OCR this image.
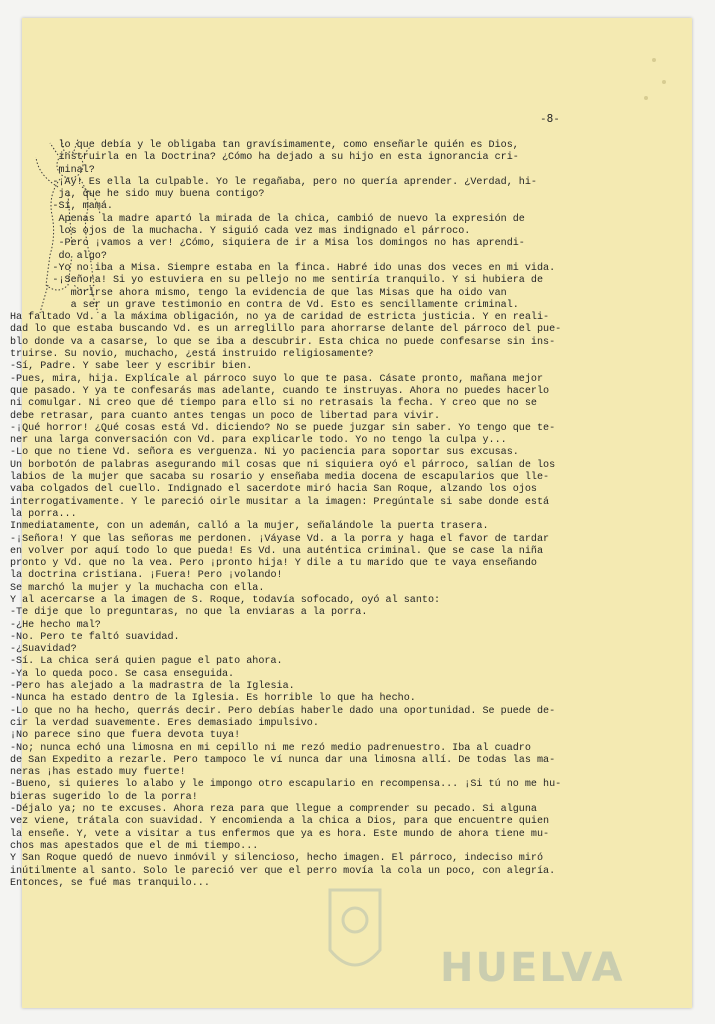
-8-
lo que debía y le obligaba tan gravísimamente, como enseñarle quién es Dios,
instruirla en la Doctrina? ¿Cómo ha dejado a su hijo en esta ignorancia cri-
minal?
-¡Ay! Es ella la culpable. Yo le regañaba, pero no quería aprender. ¿Verdad, hi-
ja, que he sido muy buena contigo?
-Sí, mamá.
Apenas la madre apartó la mirada de la chica, cambió de nuevo la expresión de
los ojos de la muchacha. Y siguió cada vez mas indignado el párroco.
-Pero ¡vamos a ver! ¿Cómo, siquiera de ir a Misa los domingos no has aprendi-
do algo?
-Yo no iba a Misa. Siempre estaba en la finca. Habré ido unas dos veces en mi vida.
-¡Señora! Si yo estuviera en su pellejo no me sentiría tranquilo. Y si hubiera de
morirse ahora mismo, tengo la evidencia de que las Misas que ha oido van
a ser un grave testimonio en contra de Vd. Esto es sencillamente criminal.
Ha faltado Vd. a la máxima obligación, no ya de caridad de estricta justicia. Y en reali-
dad lo que estaba buscando Vd. es un arreglillo para ahorrarse delante del párroco del pue-
blo donde va a casarse, lo que se iba a descubrir. Esta chica no puede confesarse sin ins-
truirse. Su novio, muchacho, ¿está instruido religiosamente?
-Sí, Padre. Y sabe leer y escribir bien.
-Pues, mira, hija. Explícale al párroco suyo lo que te pasa. Cásate pronto, mañana mejor
que pasado. Y ya te confesarás mas adelante, cuando te instruyas. Ahora no puedes hacerlo
ni comulgar. Ni creo que dé tiempo para ello si no retrasais la fecha. Y creo que no se
debe retrasar, para cuanto antes tengas un poco de libertad para vivir.
-¡Qué horror! ¿Qué cosas está Vd. diciendo? No se puede juzgar sin saber. Yo tengo que te-
ner una larga conversación con Vd. para explicarle todo. Yo no tengo la culpa y...
-Lo que no tiene Vd. señora es verguenza. Ni yo paciencia para soportar sus excusas.
Un borbotón de palabras asegurando mil cosas que ni siquiera oyó el párroco, salían de los
labios de la mujer que sacaba su rosario y enseñaba media docena de escapularios que lle-
vaba colgados del cuello. Indignado el sacerdote miró hacia San Roque, alzando los ojos
interrogativamente. Y le pareció oirle musitar a la imagen: Pregúntale si sabe donde está
la porra...
Inmediatamente, con un ademán, calló a la mujer, señalándole la puerta trasera.
-¡Señora! Y que las señoras me perdonen. ¡Váyase Vd. a la porra y haga el favor de tardar
en volver por aquí todo lo que pueda! Es Vd. una auténtica criminal. Que se case la niña
pronto y Vd. que no la vea. Pero ¡pronto hija! Y dile a tu marido que te vaya enseñando
la doctrina cristiana. ¡Fuera! Pero ¡volando!
Se marchó la mujer y la muchacha con ella.
Y al acercarse a la imagen de S. Roque, todavía sofocado, oyó al santo:
-Te dije que lo preguntaras, no que la enviaras a la porra.
-¿He hecho mal?
-No. Pero te faltó suavidad.
-¿Suavidad?
-Sí. La chica será quien pague el pato ahora.
-Ya lo queda poco. Se casa enseguida.
-Pero has alejado a la madrastra de la Iglesia.
-Nunca ha estado dentro de la Iglesia. Es horrible lo que ha hecho.
-Lo que no ha hecho, querrás decir. Pero debías haberle dado una oportunidad. Se puede de-
cir la verdad suavemente. Eres demasiado impulsivo.
¡No parece sino que fuera devota tuya!
-No; nunca echó una limosna en mi cepillo ni me rezó medio padrenuestro. Iba al cuadro
de San Expedito a rezarle. Pero tampoco le ví nunca dar una limosna allí. De todas las ma-
neras ¡has estado muy fuerte!
-Bueno, si quieres lo alabo y le impongo otro escapulario en recompensa... ¡Si tú no me hu-
bieras sugerido lo de la porra!
-Déjalo ya; no te excuses. Ahora reza para que llegue a comprender su pecado. Si alguna
vez viene, trátala con suavidad. Y encomienda a la chica a Dios, para que encuentre quien
la enseñe. Y, vete a visitar a tus enfermos que ya es hora. Este mundo de ahora tiene mu-
chos mas apestados que el de mi tiempo...
Y San Roque quedó de nuevo inmóvil y silencioso, hecho imagen. El párroco, indeciso miró
inútilmente al santo. Solo le pareció ver que el perro movía la cola un poco, con alegría.
Entonces, se fué mas tranquilo...
HUELVA
